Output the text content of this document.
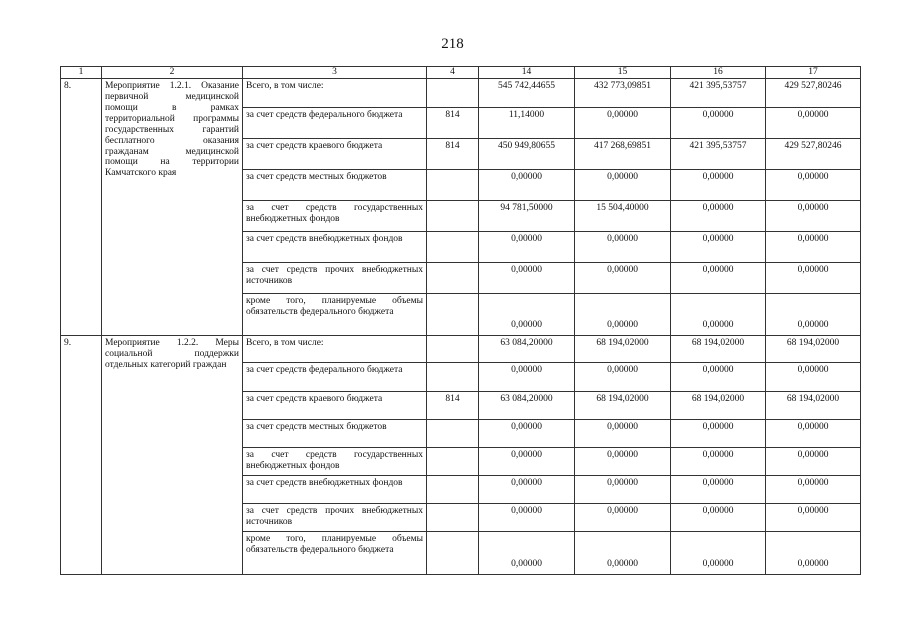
218
1	2	3	4	14	15	16	17
8.	Мероприятие 1.2.1. Оказание первичной медицинской помощи в рамках территориальной программы государственных гарантий бесплатного оказания гражданам медицинской помощи на территории Камчатского края	Всего, в том числе:		545 742,44655	432 773,09851	421 395,53757	429 527,80246
		за счет средств федерального бюджета	814	11,14000	0,00000	0,00000	0,00000
		за счет средств краевого бюджета	814	450 949,80655	417 268,69851	421 395,53757	429 527,80246
		за счет средств местных бюджетов		0,00000	0,00000	0,00000	0,00000
		за счет средств государственных внебюджетных фондов		94 781,50000	15 504,40000	0,00000	0,00000
		за счет средств внебюджетных фондов		0,00000	0,00000	0,00000	0,00000
		за счет средств прочих внебюджетных источников		0,00000	0,00000	0,00000	0,00000
		кроме того, планируемые объемы обязательств федерального бюджета		0,00000	0,00000	0,00000	0,00000
9.	Мероприятие 1.2.2. Меры социальной поддержки отдельных категорий граждан	Всего, в том числе:		63 084,20000	68 194,02000	68 194,02000	68 194,02000
		за счет средств федерального бюджета		0,00000	0,00000	0,00000	0,00000
		за счет средств краевого бюджета	814	63 084,20000	68 194,02000	68 194,02000	68 194,02000
		за счет средств местных бюджетов		0,00000	0,00000	0,00000	0,00000
		за счет средств государственных внебюджетных фондов		0,00000	0,00000	0,00000	0,00000
		за счет средств внебюджетных фондов		0,00000	0,00000	0,00000	0,00000
		за счет средств прочих внебюджетных источников		0,00000	0,00000	0,00000	0,00000
		кроме того, планируемые объемы обязательств федерального бюджета		0,00000	0,00000	0,00000	0,00000
